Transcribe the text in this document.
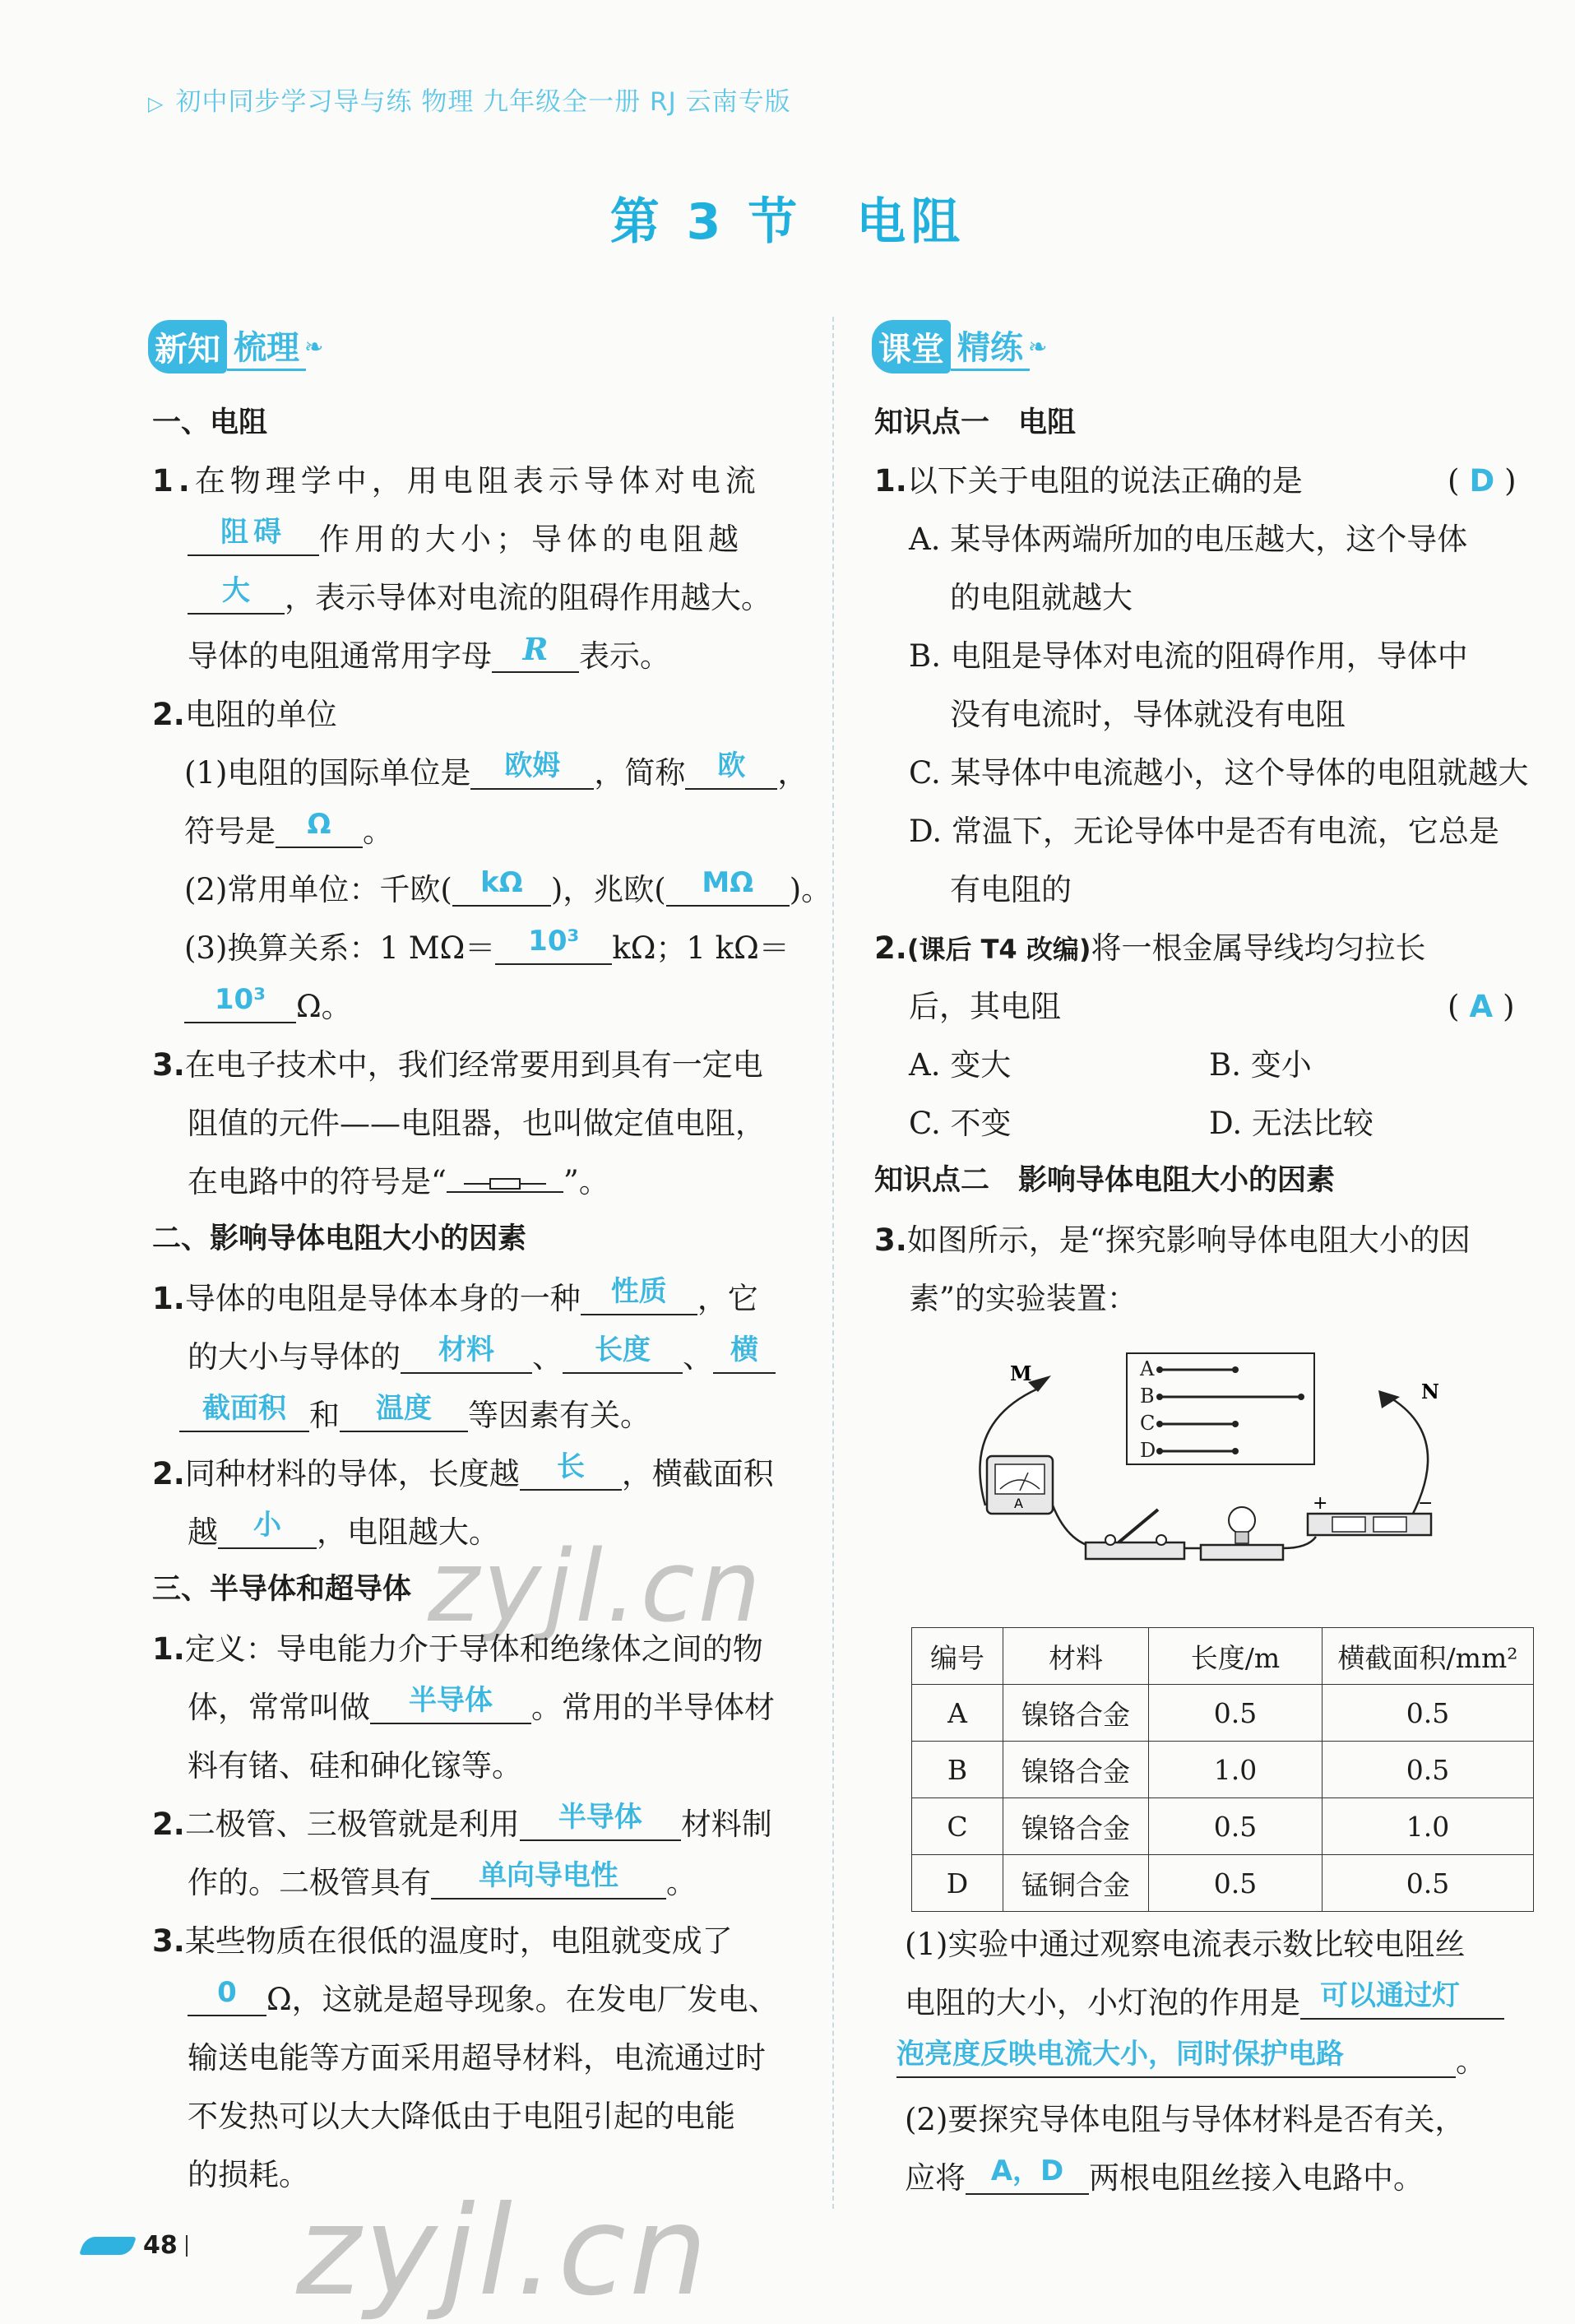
▷ 初中同步学习导与练 物理 九年级全一册 RJ 云南专版
第 3 节　电阻
新知 梳理 ❧
一、电阻
1.在物理学中，用电阻表示导体对电流
阻碍 作用的大小；导体的电阻越
大 ，表示导体对电流的阻碍作用越大。
导体的电阻通常用字母 R 表示。
2.电阻的单位
(1)电阻的国际单位是 欧姆 ，简称 欧 ，
符号是 Ω 。
(2)常用单位：千欧( kΩ )，兆欧( MΩ )。
(3)换算关系：1 MΩ＝ 10³ kΩ；1 kΩ＝
10³ Ω。
3.在电子技术中，我们经常要用到具有一定电
阻值的元件——电阻器，也叫做定值电阻，
在电路中的符号是“	”。
二、影响导体电阻大小的因素
1.导体的电阻是导体本身的一种 性质 ，它
的大小与导体的 材料 、 长度 、 横
截面积 和 温度 等因素有关。
2.同种材料的导体，长度越 长 ，横截面积
越 小 ，电阻越大。
三、半导体和超导体
1.定义：导电能力介于导体和绝缘体之间的物
体，常常叫做 半导体 。常用的半导体材
料有锗、硅和砷化镓等。
2.二极管、三极管就是利用 半导体 材料制
作的。二极管具有 单向导电性 。
3.某些物质在很低的温度时，电阻就变成了
0 Ω，这就是超导现象。在发电厂发电、
输送电能等方面采用超导材料，电流通过时
不发热可以大大降低由于电阻引起的电能
的损耗。
课堂 精练 ❧
知识点一　电阻
1.以下关于电阻的说法正确的是	( D )
A. 某导体两端所加的电压越大，这个导体
的电阻就越大
B. 电阻是导体对电流的阻碍作用，导体中
没有电流时，导体就没有电阻
C. 某导体中电流越小，这个导体的电阻就越大
D. 常温下，无论导体中是否有电流，它总是
有电阻的
2.(课后 T4 改编)将一根金属导线均匀拉长
后，其电阻	( A )
A. 变大	B. 变小
C. 不变	D. 无法比较
知识点二　影响导体电阻大小的因素
3.如图所示，是“探究影响导体电阻大小的因
素”的实验装置：
A
B
C
D
M
N
A	+	−
编号	材料	长度/m	横截面积/mm²
A	镍铬合金	0.5	0.5
B	镍铬合金	1.0	0.5
C	镍铬合金	0.5	1.0
D	锰铜合金	0.5	0.5
(1)实验中通过观察电流表示数比较电阻丝
电阻的大小，小灯泡的作用是 可以通过灯
泡亮度反映电流大小，同时保护电路	。
(2)要探究导体电阻与导体材料是否有关，
应将 A，D 两根电阻丝接入电路中。
48
zyjl.cn
zyjl.cn
